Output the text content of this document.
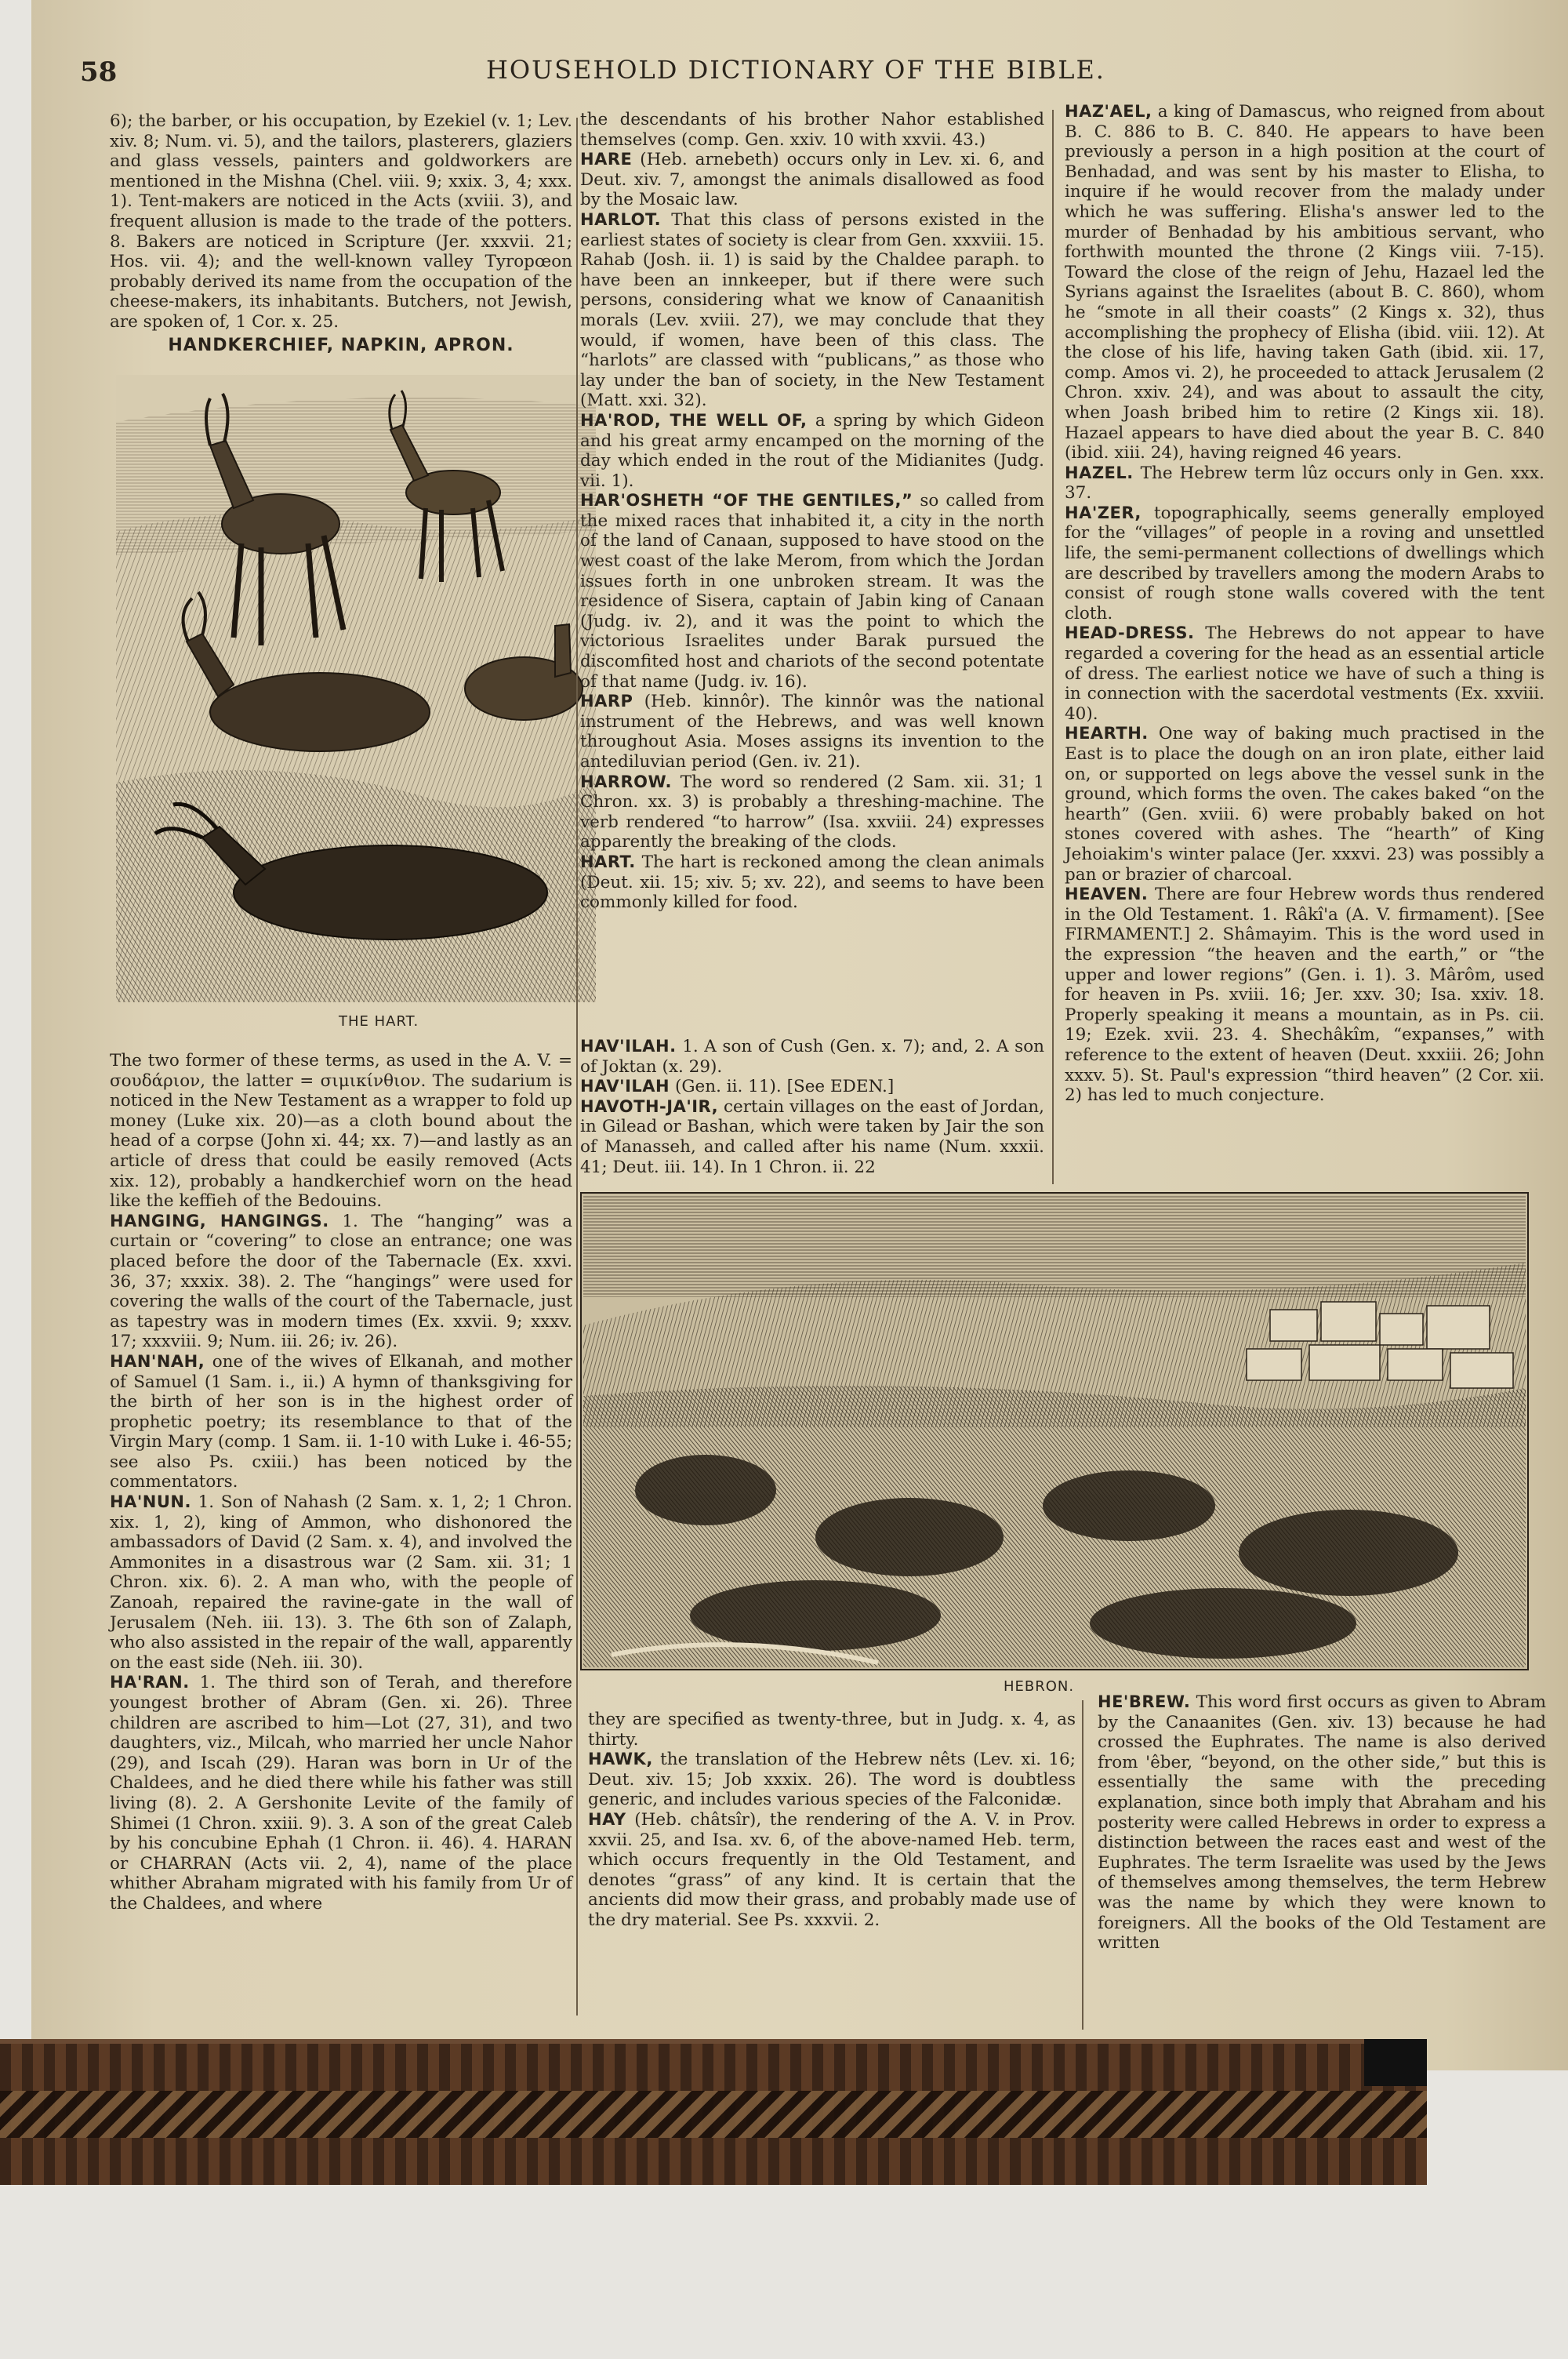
58	HOUSEHOLD DICTIONARY OF THE BIBLE.

6); the barber, or his occupation, by Ezekiel (v. 1; Lev. xiv. 8; Num. vi. 5), and the tailors, plasterers, glaziers and glass vessels, painters and goldworkers are mentioned in the Mishna (Chel. viii. 9; xxix. 3, 4; xxx. 1). Tent-makers are noticed in the Acts (xviii. 3), and frequent allusion is made to the trade of the potters. 8. Bakers are noticed in Scripture (Jer. xxxvii. 21; Hos. vii. 4); and the well-known valley Tyropœon probably derived its name from the occupation of the cheese-makers, its inhabitants. Butchers, not Jewish, are spoken of, 1 Cor. x. 25.

HANDKERCHIEF, NAPKIN, APRON.

THE HART.

The two former of these terms, as used in the A. V. = σουδάριον, the latter = σιμικίνθιον. The sudarium is noticed in the New Testament as a wrapper to fold up money (Luke xix. 20)—as a cloth bound about the head of a corpse (John xi. 44; xx. 7)—and lastly as an article of dress that could be easily removed (Acts xix. 12), probably a handkerchief worn on the head like the keffieh of the Bedouins.

HANGING, HANGINGS. 1. The “hanging” was a curtain or “covering” to close an entrance; one was placed before the door of the Tabernacle (Ex. xxvi. 36, 37; xxxix. 38). 2. The “hangings” were used for covering the walls of the court of the Tabernacle, just as tapestry was in modern times (Ex. xxvii. 9; xxxv. 17; xxxviii. 9; Num. iii. 26; iv. 26).

HAN'NAH, one of the wives of Elkanah, and mother of Samuel (1 Sam. i., ii.) A hymn of thanksgiving for the birth of her son is in the highest order of prophetic poetry; its resemblance to that of the Virgin Mary (comp. 1 Sam. ii. 1-10 with Luke i. 46-55; see also Ps. cxiii.) has been noticed by the commentators.

HA'NUN. 1. Son of Nahash (2 Sam. x. 1, 2; 1 Chron. xix. 1, 2), king of Ammon, who dishonored the ambassadors of David (2 Sam. x. 4), and involved the Ammonites in a disastrous war (2 Sam. xii. 31; 1 Chron. xix. 6). 2. A man who, with the people of Zanoah, repaired the ravine-gate in the wall of Jerusalem (Neh. iii. 13). 3. The 6th son of Zalaph, who also assisted in the repair of the wall, apparently on the east side (Neh. iii. 30).

HA'RAN. 1. The third son of Terah, and therefore youngest brother of Abram (Gen. xi. 26). Three children are ascribed to him—Lot (27, 31), and two daughters, viz., Milcah, who married her uncle Nahor (29), and Iscah (29). Haran was born in Ur of the Chaldees, and he died there while his father was still living (8). 2. A Gershonite Levite of the family of Shimei (1 Chron. xxiii. 9). 3. A son of the great Caleb by his concubine Ephah (1 Chron. ii. 46). 4. HARAN or CHARRAN (Acts vii. 2, 4), name of the place whither Abraham migrated with his family from Ur of the Chaldees, and where

the descendants of his brother Nahor established themselves (comp. Gen. xxiv. 10 with xxvii. 43.)

HARE (Heb. arnebeth) occurs only in Lev. xi. 6, and Deut. xiv. 7, amongst the animals disallowed as food by the Mosaic law.

HARLOT. That this class of persons existed in the earliest states of society is clear from Gen. xxxviii. 15. Rahab (Josh. ii. 1) is said by the Chaldee paraph. to have been an innkeeper, but if there were such persons, considering what we know of Canaanitish morals (Lev. xviii. 27), we may conclude that they would, if women, have been of this class. The “harlots” are classed with “publicans,” as those who lay under the ban of society, in the New Testament (Matt. xxi. 32).

HA'ROD, THE WELL OF, a spring by which Gideon and his great army encamped on the morning of the day which ended in the rout of the Midianites (Judg. vii. 1).

HAR'OSHETH “OF THE GENTILES,” so called from the mixed races that inhabited it, a city in the north of the land of Canaan, supposed to have stood on the west coast of the lake Merom, from which the Jordan issues forth in one unbroken stream. It was the residence of Sisera, captain of Jabin king of Canaan (Judg. iv. 2), and it was the point to which the victorious Israelites under Barak pursued the discomfited host and chariots of the second potentate of that name (Judg. iv. 16).

HARP (Heb. kinnôr). The kinnôr was the national instrument of the Hebrews, and was well known throughout Asia. Moses assigns its invention to the antediluvian period (Gen. iv. 21).

HARROW. The word so rendered (2 Sam. xii. 31; 1 Chron. xx. 3) is probably a threshing-machine. The verb rendered “to harrow” (Isa. xxviii. 24) expresses apparently the breaking of the clods.

HART. The hart is reckoned among the clean animals (Deut. xii. 15; xiv. 5; xv. 22), and seems to have been commonly killed for food.

HAV'ILAH. 1. A son of Cush (Gen. x. 7); and, 2. A son of Joktan (x. 29).

HAV'ILAH (Gen. ii. 11). [See EDEN.]

HAVOTH-JA'IR, certain villages on the east of Jordan, in Gilead or Bashan, which were taken by Jair the son of Manasseh, and called after his name (Num. xxxii. 41; Deut. iii. 14). In 1 Chron. ii. 22

HEBRON.

they are specified as twenty-three, but in Judg. x. 4, as thirty.

HAWK, the translation of the Hebrew nêts (Lev. xi. 16; Deut. xiv. 15; Job xxxix. 26). The word is doubtless generic, and includes various species of the Falconidæ.

HAY (Heb. châtsîr), the rendering of the A. V. in Prov. xxvii. 25, and Isa. xv. 6, of the above-named Heb. term, which occurs frequently in the Old Testament, and denotes “grass” of any kind. It is certain that the ancients did mow their grass, and probably made use of the dry material. See Ps. xxxvii. 2.

HAZ'AEL, a king of Damascus, who reigned from about B. C. 886 to B. C. 840. He appears to have been previously a person in a high position at the court of Benhadad, and was sent by his master to Elisha, to inquire if he would recover from the malady under which he was suffering. Elisha's answer led to the murder of Benhadad by his ambitious servant, who forthwith mounted the throne (2 Kings viii. 7-15). Toward the close of the reign of Jehu, Hazael led the Syrians against the Israelites (about B. C. 860), whom he “smote in all their coasts” (2 Kings x. 32), thus accomplishing the prophecy of Elisha (ibid. viii. 12). At the close of his life, having taken Gath (ibid. xii. 17, comp. Amos vi. 2), he proceeded to attack Jerusalem (2 Chron. xxiv. 24), and was about to assault the city, when Joash bribed him to retire (2 Kings xii. 18). Hazael appears to have died about the year B. C. 840 (ibid. xiii. 24), having reigned 46 years.

HAZEL. The Hebrew term lûz occurs only in Gen. xxx. 37.

HA'ZER, topographically, seems generally employed for the “villages” of people in a roving and unsettled life, the semi-permanent collections of dwellings which are described by travellers among the modern Arabs to consist of rough stone walls covered with the tent cloth.

HEAD-DRESS. The Hebrews do not appear to have regarded a covering for the head as an essential article of dress. The earliest notice we have of such a thing is in connection with the sacerdotal vestments (Ex. xxviii. 40).

HEARTH. One way of baking much practised in the East is to place the dough on an iron plate, either laid on, or supported on legs above the vessel sunk in the ground, which forms the oven. The cakes baked “on the hearth” (Gen. xviii. 6) were probably baked on hot stones covered with ashes. The “hearth” of King Jehoiakim's winter palace (Jer. xxxvi. 23) was possibly a pan or brazier of charcoal.

HEAVEN. There are four Hebrew words thus rendered in the Old Testament. 1. Râkî'a (A. V. firmament). [See FIRMAMENT.] 2. Shâmayim. This is the word used in the expression “the heaven and the earth,” or “the upper and lower regions” (Gen. i. 1). 3. Mârôm, used for heaven in Ps. xviii. 16; Jer. xxv. 30; Isa. xxiv. 18. Properly speaking it means a mountain, as in Ps. cii. 19; Ezek. xvii. 23. 4. Shechâkîm, “expanses,” with reference to the extent of heaven (Deut. xxxiii. 26; John xxxv. 5). St. Paul's expression “third heaven” (2 Cor. xii. 2) has led to much conjecture.

HE'BREW. This word first occurs as given to Abram by the Canaanites (Gen. xiv. 13) because he had crossed the Euphrates. The name is also derived from 'êber, “beyond, on the other side,” but this is essentially the same with the preceding explanation, since both imply that Abraham and his posterity were called Hebrews in order to express a distinction between the races east and west of the Euphrates. The term Israelite was used by the Jews of themselves among themselves, the term Hebrew was the name by which they were known to foreigners. All the books of the Old Testament are written
